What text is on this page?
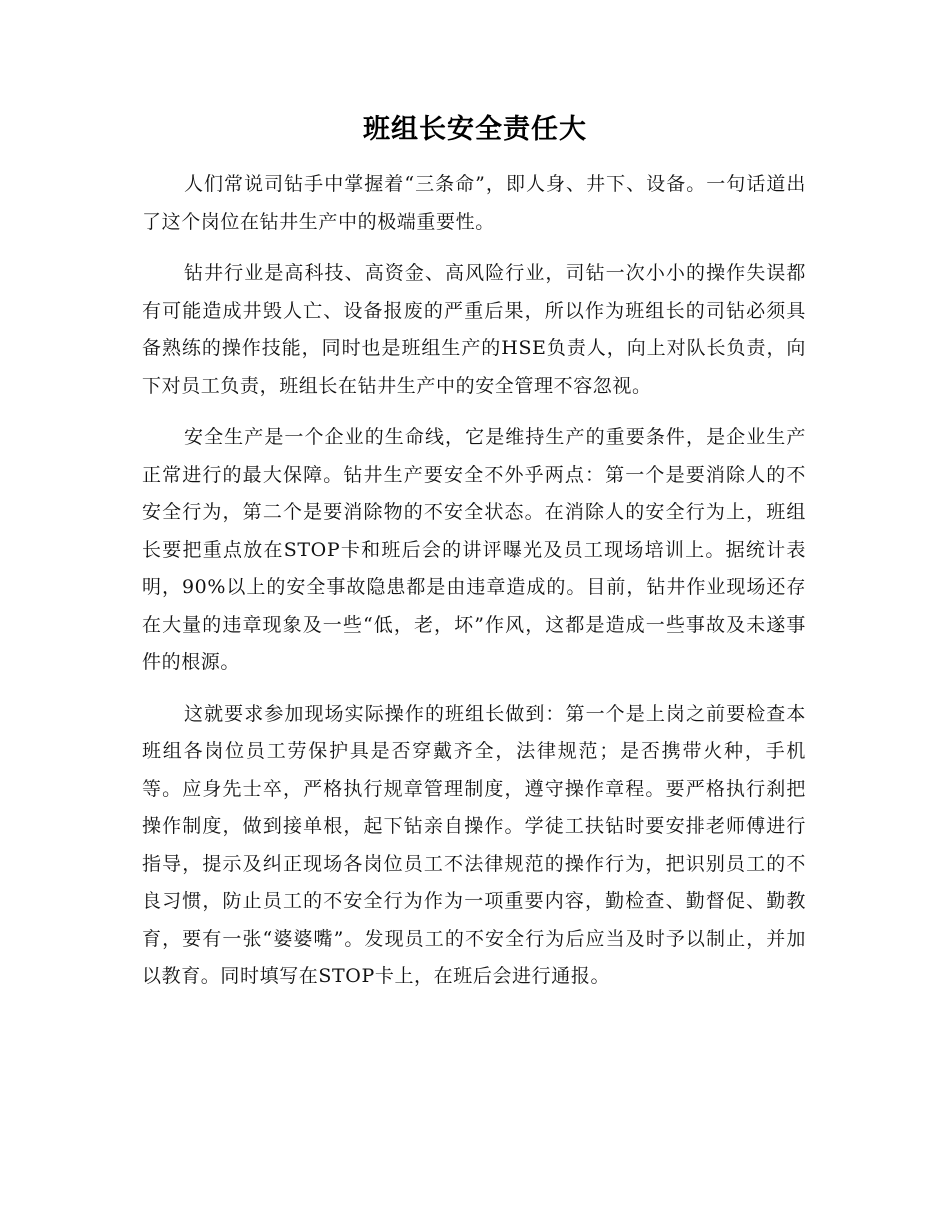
班组长安全责任大

人们常说司钻手中掌握着“三条命”，即人身、井下、设备。一句话道出了这个岗位在钻井生产中的极端重要性。

钻井行业是高科技、高资金、高风险行业，司钻一次小小的操作失误都有可能造成井毁人亡、设备报废的严重后果，所以作为班组长的司钻必须具备熟练的操作技能，同时也是班组生产的HSE负责人，向上对队长负责，向下对员工负责，班组长在钻井生产中的安全管理不容忽视。

安全生产是一个企业的生命线，它是维持生产的重要条件，是企业生产正常进行的最大保障。钻井生产要安全不外乎两点：第一个是要消除人的不安全行为，第二个是要消除物的不安全状态。在消除人的安全行为上，班组长要把重点放在STOP卡和班后会的讲评曝光及员工现场培训上。据统计表明，90%以上的安全事故隐患都是由违章造成的。目前，钻井作业现场还存在大量的违章现象及一些“低，老，坏”作风，这都是造成一些事故及未遂事件的根源。

这就要求参加现场实际操作的班组长做到：第一个是上岗之前要检查本班组各岗位员工劳保护具是否穿戴齐全，法律规范；是否携带火种，手机等。应身先士卒，严格执行规章管理制度，遵守操作章程。要严格执行刹把操作制度，做到接单根，起下钻亲自操作。学徒工扶钻时要安排老师傅进行指导，提示及纠正现场各岗位员工不法律规范的操作行为，把识别员工的不良习惯，防止员工的不安全行为作为一项重要内容，勤检查、勤督促、勤教育，要有一张“婆婆嘴”。发现员工的不安全行为后应当及时予以制止，并加以教育。同时填写在STOP卡上，在班后会进行通报。
